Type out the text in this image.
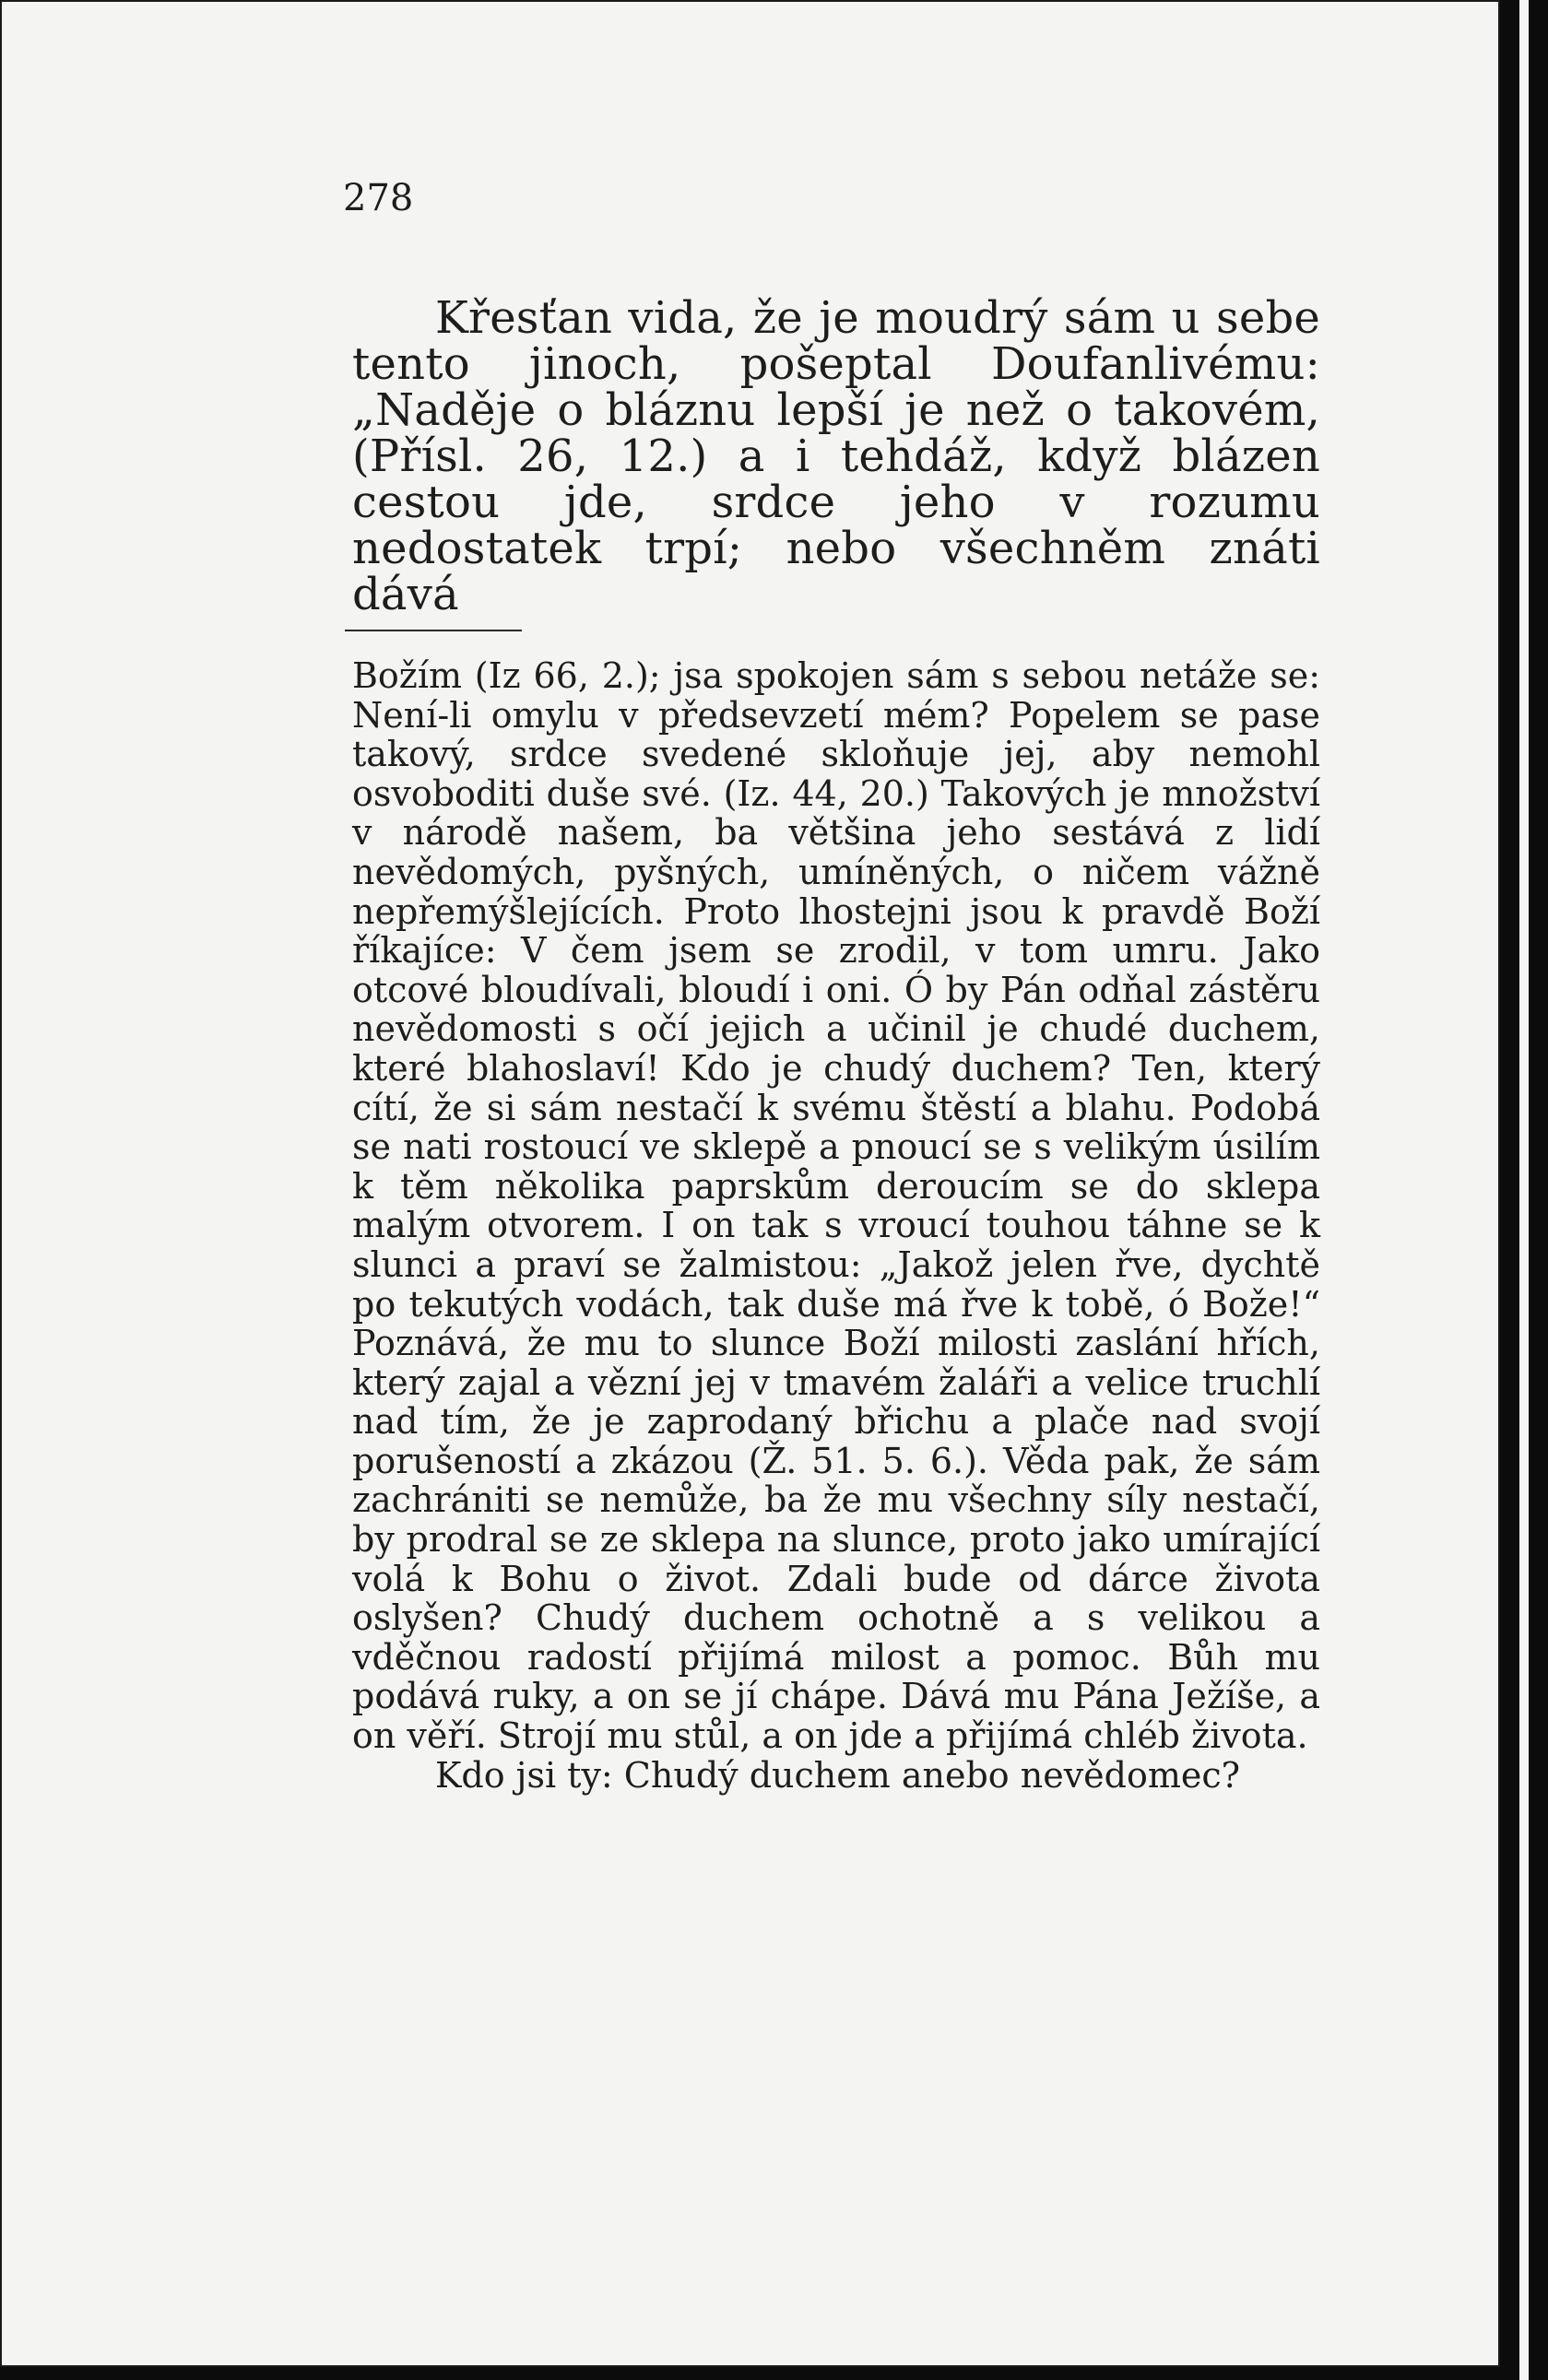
278

Křesťan vida, že je moudrý sám u sebe tento jinoch, pošeptal Doufanlivému: „Naděje o bláznu lepší je než o takovém, (Přísl. 26, 12.) a i tehdáž, když blázen cestou jde, srdce jeho v rozumu nedostatek trpí; nebo všechněm znáti dává

Božím (Iz 66, 2.); jsa spokojen sám s sebou netáže se: Není-li omylu v předsevzetí mém? Popelem se pase takový, srdce svedené skloňuje jej, aby nemohl osvoboditi duše své. (Iz. 44, 20.) Takových je množství v národě našem, ba většina jeho sestává z lidí nevědomých, pyšných, umíněných, o ničem vážně nepřemýšlejících. Proto lhostejni jsou k pravdě Boží říkajíce: V čem jsem se zrodil, v tom umru. Jako otcové bloudívali, bloudí i oni. Ó by Pán odňal zástěru nevědomosti s očí jejich a učinil je chudé duchem, které blahoslaví! Kdo je chudý duchem? Ten, který cítí, že si sám nestačí k svému štěstí a blahu. Podobá se nati rostoucí ve sklepě a pnoucí se s velikým úsilím k těm několika paprskům deroucím se do sklepa malým otvorem. I on tak s vroucí touhou táhne se k slunci a praví se žalmistou: „Jakož jelen řve, dychtě po tekutých vodách, tak duše má řve k tobě, ó Bože!“ Poznává, že mu to slunce Boží milosti zaslání hřích, který zajal a vězní jej v tmavém žaláři a velice truchlí nad tím, že je zaprodaný břichu a plače nad svojí porušeností a zkázou (Ž. 51. 5. 6.). Věda pak, že sám zachrániti se nemůže, ba že mu všechny síly nestačí, by prodral se ze sklepa na slunce, proto jako umírající volá k Bohu o život. Zdali bude od dárce života oslyšen? Chudý duchem ochotně a s velikou a vděčnou radostí přijímá milost a pomoc. Bůh mu podává ruky, a on se jí chápe. Dává mu Pána Ježíše, a on věří. Strojí mu stůl, a on jde a přijímá chléb života.

Kdo jsi ty: Chudý duchem anebo nevědomec?
